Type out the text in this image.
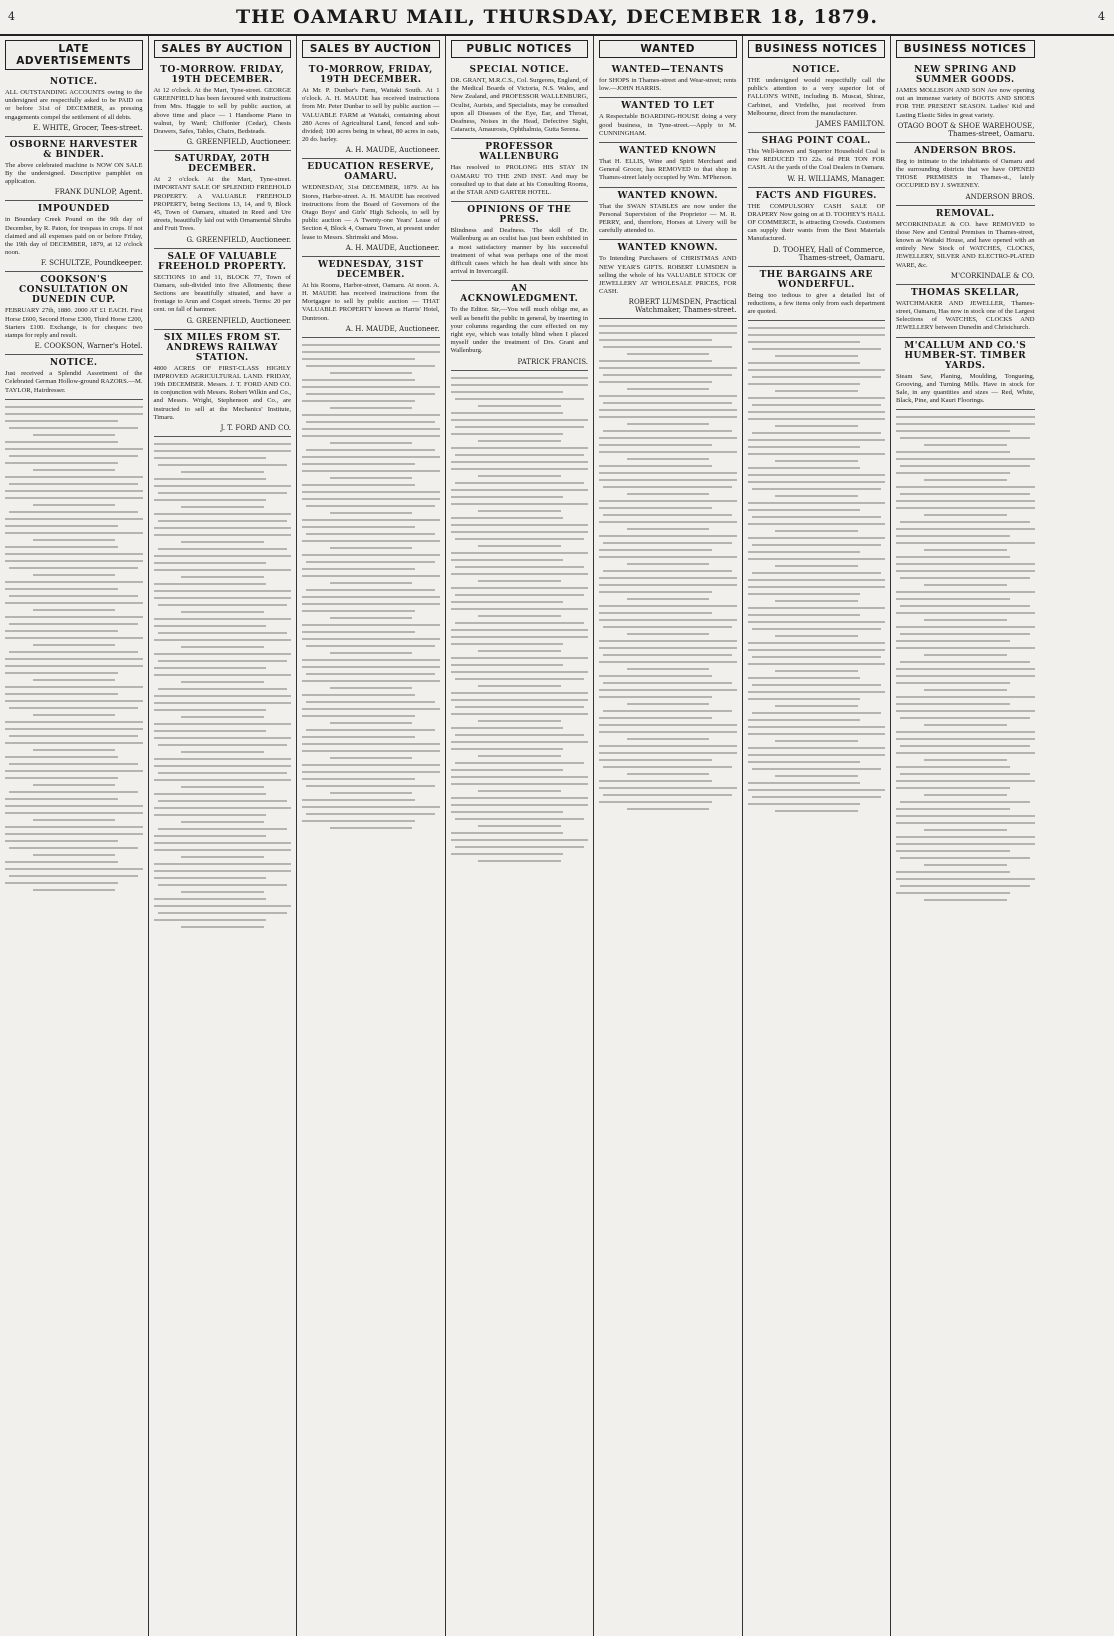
4	THE OAMARU MAIL, THURSDAY, DECEMBER 18, 1879.	4
LATE ADVERTISEMENTS
NOTICE.

ALL OUTSTANDING ACCOUNTS owing to the undersigned are respectfully asked to be PAID on or before 31st of DECEMBER, as pressing engagements compel the settlement of all debts.

E. WHITE, Grocer, Tees-street.
OSBORNE HARVESTER & BINDER.

The above celebrated machine is NOW ON SALE By the undersigned. Descriptive pamphlet on application.

FRANK DUNLOP, Agent.
IMPOUNDED

in Boundary Creek Pound on the 9th day of December, by R. Paton, for trespass in crops. If not claimed and all expenses paid on or before Friday, the 19th day of DECEMBER, 1879, at 12 o'clock noon.

F. SCHULTZE, Poundkeeper.
COOKSON'S CONSULTATION ON DUNEDIN CUP.

FEBRUARY 27th, 1880. 2000 AT £1 EACH. First Horse £600, Second Horse £300, Third Horse £200, Starters £100. Exchange, is for cheques: two stamps for reply and result.

E. COOKSON, Warner's Hotel.
NOTICE.

Just received a Splendid Assortment of the Celebrated German Hollow-ground RAZORS.—M. TAYLOR, Hairdresser.

SALES BY AUCTION
TO-MORROW. FRIDAY, 19TH DECEMBER.

At 12 o'clock. At the Mart, Tyne-street. GEORGE GREENFIELD has been favoured with instructions from Mrs. Haggie to sell by public auction, at above time and place — 1 Handsome Piano in walnut, by Ward; Chiffonier (Cedar), Chests Drawers, Safes, Tables, Chairs, Bedsteads.

G. GREENFIELD, Auctioneer.
SATURDAY, 20TH DECEMBER.

At 2 o'clock. At the Mart, Tyne-street. IMPORTANT SALE OF SPLENDID FREEHOLD PROPERTY. A VALUABLE FREEHOLD PROPERTY, being Sections 13, 14, and 9, Block 45, Town of Oamaru, situated in Reed and Ure streets, beautifully laid out with Ornamental Shrubs and Fruit Trees.

G. GREENFIELD, Auctioneer.
SALE OF VALUABLE FREEHOLD PROPERTY.

SECTIONS 10 and 11, BLOCK 77, Town of Oamaru, sub-divided into five Allotments; these Sections are beautifully situated, and have a frontage to Arun and Coquet streets. Terms: 20 per cent. on fall of hammer.

G. GREENFIELD, Auctioneer.
SIX MILES FROM ST. ANDREWS RAILWAY STATION.

4800 ACRES OF FIRST-CLASS HIGHLY IMPROVED AGRICULTURAL LAND. FRIDAY, 19th DECEMBER. Messrs. J. T. FORD AND CO. in conjunction with Messrs. Robert Wilkin and Co., and Messrs. Wright, Stephenson and Co., are instructed to sell at the Mechanics' Institute, Timaru.

J. T. FORD AND CO.
SALES BY AUCTION
TO-MORROW, FRIDAY, 19TH DECEMBER.

At Mr. P. Dunbar's Farm, Waitaki South. At 1 o'clock. A. H. MAUDE has received instructions from Mr. Peter Dunbar to sell by public auction — VALUABLE FARM at Waitaki, containing about 280 Acres of Agricultural Land, fenced and sub-divided; 100 acres being in wheat, 80 acres in oats, 20 do. barley.

A. H. MAUDE, Auctioneer.
EDUCATION RESERVE, OAMARU.

WEDNESDAY, 31st DECEMBER, 1879. At his Stores, Harbor-street. A. H. MAUDE has received instructions from the Board of Governors of the Otago Boys' and Girls' High Schools, to sell by public auction — A Twenty-one Years' Lease of Section 4, Block 4, Oamaru Town, at present under lease to Messrs. Shrimski and Moss.

A. H. MAUDE, Auctioneer.
WEDNESDAY, 31ST DECEMBER.

At his Rooms, Harbor-street, Oamaru. At noon. A. H. MAUDE has received instructions from the Mortgagee to sell by public auction — THAT VALUABLE PROPERTY known as Harris' Hotel, Duntroon.

A. H. MAUDE, Auctioneer.
PUBLIC NOTICES
SPECIAL NOTICE.

DR. GRANT, M.R.C.S., Col. Surgeons, England, of the Medical Boards of Victoria, N.S. Wales, and New Zealand, and PROFESSOR WALLENBURG, Oculist, Aurists, and Specialists, may be consulted upon all Diseases of the Eye, Ear, and Throat, Deafness, Noises in the Head, Defective Sight, Cataracts, Amaurosis, Ophthalmia, Gutta Serena.

PROFESSOR WALLENBURG

Has resolved to PROLONG HIS STAY IN OAMARU TO THE 2ND INST. And may be consulted up to that date at his Consulting Rooms, at the STAR AND GARTER HOTEL.

OPINIONS OF THE PRESS.

Blindness and Deafness. The skill of Dr. Wallenburg as an oculist has just been exhibited in a most satisfactory manner by his successful treatment of what was perhaps one of the most difficult cases which he has dealt with since his arrival in Invercargill.

AN ACKNOWLEDGMENT.

To the Editor. Sir,—You will much oblige me, as well as benefit the public in general, by inserting in your columns regarding the cure effected on my right eye, which was totally blind when I placed myself under the treatment of Drs. Grant and Wallenburg.

PATRICK FRANCIS.
WANTED
WANTED—TENANTS

for SHOPS in Thames-street and Wear-street; rents low.—JOHN HARRIS.

WANTED TO LET

A Respectable BOARDING-HOUSE doing a very good business, in Tyne-street.—Apply to M. CUNNINGHAM.

WANTED KNOWN

That H. ELLIS, Wine and Spirit Merchant and General Grocer, has REMOVED to that shop in Thames-street lately occupied by Wm. M'Pherson.

WANTED KNOWN.

That the SWAN STABLES are now under the Personal Supervision of the Proprietor — M. R. PERRY, and, therefore, Horses at Livery will be carefully attended to.

WANTED KNOWN.

To Intending Purchasers of CHRISTMAS AND NEW YEAR'S GIFTS. ROBERT LUMSDEN is selling the whole of his VALUABLE STOCK OF JEWELLERY AT WHOLESALE PRICES, FOR CASH.

ROBERT LUMSDEN, Practical Watchmaker, Thames-street.
BUSINESS NOTICES
NOTICE.

THE undersigned would respectfully call the public's attention to a very superior lot of FALLON'S WINE, including B. Muscat, Shiraz, Carbinet, and Virdelho, just received from Melbourne, direct from the manufacturer.

JAMES FAMILTON.
SHAG POINT COAL.

This Well-known and Superior Household Coal is now REDUCED TO 22s. 6d PER TON FOR CASH. At the yards of the Coal Dealers in Oamaru.

W. H. WILLIAMS, Manager.
FACTS AND FIGURES.

THE COMPULSORY CASH SALE OF DRAPERY Now going on at D. TOOHEY'S HALL OF COMMERCE, is attracting Crowds. Customers can supply their wants from the Best Materials Manufactured.

D. TOOHEY, Hall of Commerce, Thames-street, Oamaru.
THE BARGAINS ARE WONDERFUL.

Being too tedious to give a detailed list of reductions, a few items only from each department are quoted.

BUSINESS NOTICES
NEW SPRING AND SUMMER GOODS.

JAMES MOLLISON AND SON Are now opening out an immense variety of BOOTS AND SHOES FOR THE PRESENT SEASON. Ladies' Kid and Lasting Elastic Sides in great variety.

OTAGO BOOT & SHOE WAREHOUSE, Thames-street, Oamaru.
ANDERSON BROS.

Beg to intimate to the inhabitants of Oamaru and the surrounding districts that we have OPENED THOSE PREMISES in Thames-st., lately OCCUPIED BY J. SWEENEY.

ANDERSON BROS.
REMOVAL.

M'CORKINDALE & CO. have REMOVED to those New and Central Premises in Thames-street, known as Waitaki House, and have opened with an entirely New Stock of WATCHES, CLOCKS, JEWELLERY, SILVER AND ELECTRO-PLATED WARE, &c.

M'CORKINDALE & CO.
THOMAS SKELLAR,

WATCHMAKER AND JEWELLER, Thames-street, Oamaru, Has now in stock one of the Largest Selections of WATCHES, CLOCKS AND JEWELLERY between Dunedin and Christchurch.

M'CALLUM AND CO.'S HUMBER-ST. TIMBER YARDS.

Steam Saw, Planing, Moulding, Tongueing, Grooving, and Turning Mills. Have in stock for Sale, in any quantities and sizes — Red, White, Black, Pine, and Kauri Floorings.
